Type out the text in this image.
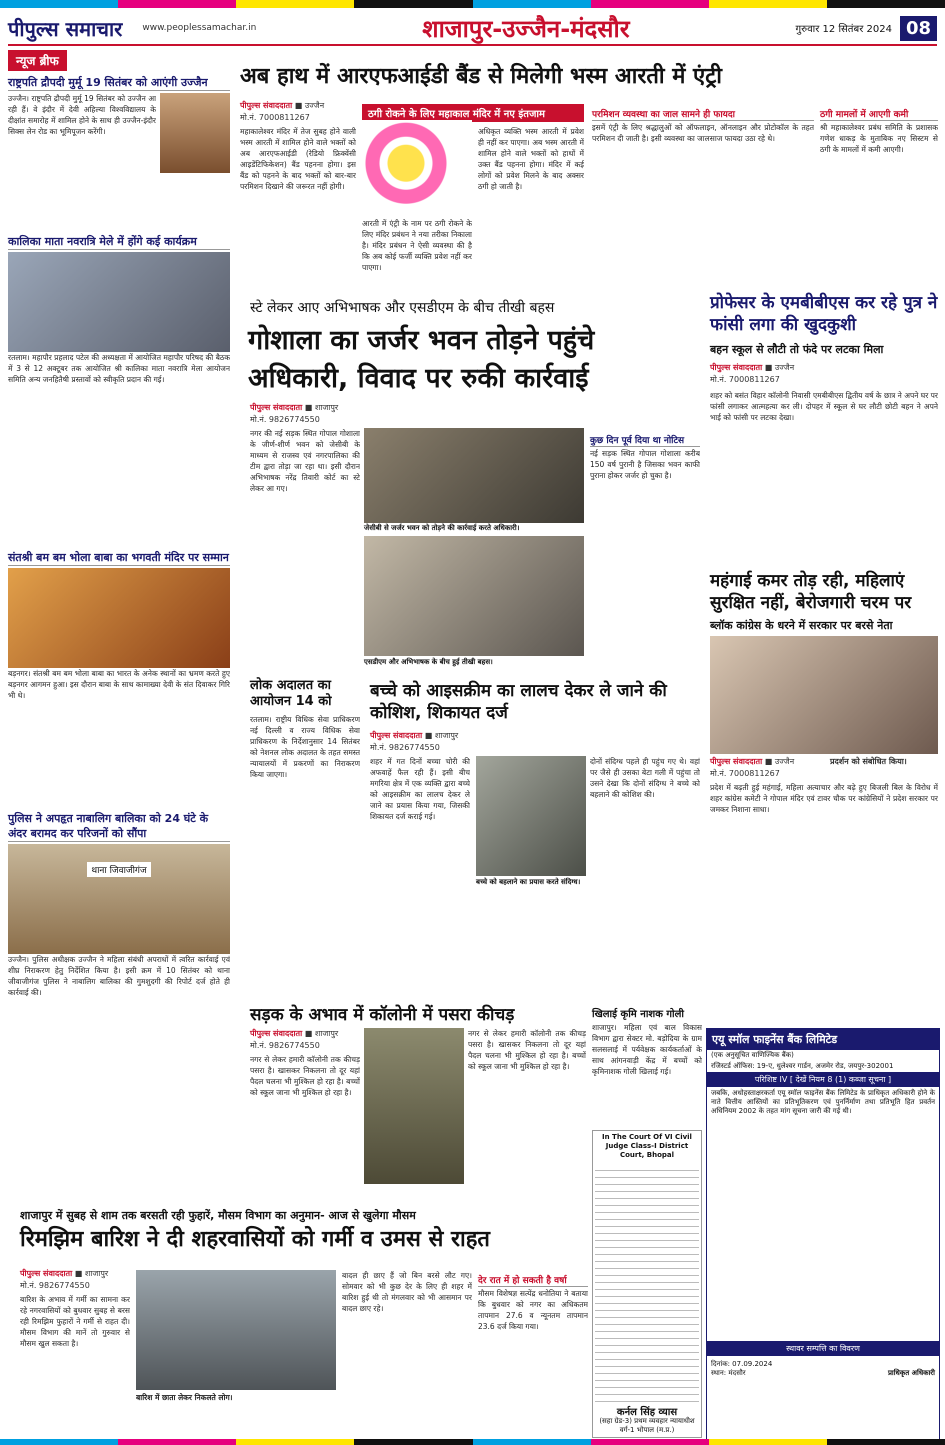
पीपुल्स समाचार www.peoplessamachar.in	शाजापुर-उज्जैन-मंदसौर	गुरुवार 12 सितंबर 2024 08
न्यूज ब्रीफ
राष्ट्रपति द्रौपदी मुर्मू 19 सितंबर को आएंगी उज्जैन

उज्जैन। राष्ट्रपति द्रौपदी मुर्मू 19 सितंबर को उज्जैन आ रही हैं। वे इंदौर में देवी अहिल्या विश्वविद्यालय के दीक्षांत समारोह में शामिल होने के साथ ही उज्जैन-इंदौर सिक्स लेन रोड का भूमिपूजन करेंगी।

कालिका माता नवरात्रि मेले में होंगे कई कार्यक्रम

रतलाम। महापौर प्रहलाद पटेल की अध्यक्षता में आयोजित महापौर परिषद की बैठक में 3 से 12 अक्टूबर तक आयोजित श्री कालिका माता नवरात्रि मेला आयोजन समिति अन्य जनहितैषी प्रस्तावों को स्वीकृति प्रदान की गई।

संतश्री बम बम भोला बाबा का भगवती मंदिर पर सम्मान

बड़नगर। संतश्री बम बम भोला बाबा का भारत के अनेक स्थानों का भ्रमण करते हुए बड़नगर आगमन हुआ। इस दौरान बाबा के साथ कामाख्या देवी के संत दिवाकर गिरि भी थे।

पुलिस ने अपहृत नाबालिग बालिका को 24 घंटे के अंदर बरामद कर परिजनों को सौंपा
थाना जिवाजीगंज

उज्जैन। पुलिस अधीक्षक उज्जैन ने महिला संबंधी अपराधों में त्वरित कार्रवाई एवं शीघ्र निराकरण हेतु निर्देशित किया है। इसी क्रम में 10 सितंबर को थाना जीवाजीगंज पुलिस ने नाबालिग बालिका की गुमशुदगी की रिपोर्ट दर्ज होते ही कार्रवाई की।

अब हाथ में आरएफआईडी बैंड से मिलेगी भस्म आरती में एंट्री
पीपुल्स संवाददाता ■ उज्जैन
मो.नं. 7000811267
महाकालेश्वर मंदिर में तेज सुबह होने वाली भस्म आरती में शामिल होने वाले भक्तों को अब आरएफआईडी (रेडियो फ्रिक्वेंसी आइडेंटिफिकेशन) बैंड पहनना होगा। इस बैंड को पहनने के बाद भक्तों को बार-बार परमिशन दिखाने की जरूरत नहीं होगी।
ठगी रोकने के लिए महाकाल मंदिर में नए इंतजाम
आरती में एंट्री के नाम पर ठगी रोकने के लिए मंदिर प्रबंधन ने नया तरीका निकाला है। मंदिर प्रबंधन ने ऐसी व्यवस्था की है कि अब कोई फर्जी व्यक्ति प्रवेश नहीं कर पाएगा।
अधिकृत व्यक्ति भस्म आरती में प्रवेश ही नहीं कर पाएगा। अब भस्म आरती में शामिल होने वाले भक्तों को हाथों में उक्त बैंड पहनना होगा। मंदिर में कई लोगों को प्रवेश मिलने के बाद अक्सर ठगी हो जाती है।
परमिशन व्यवस्था का जाल सामने ही फायदा
इसमें एंट्री के लिए श्रद्धालुओं को ऑफलाइन, ऑनलाइन और प्रोटोकॉल के तहत परमिशन दी जाती है। इसी व्यवस्था का जालसाज फायदा उठा रहे थे।
ठगी मामलों में आएगी कमी
श्री महाकालेश्वर प्रबंध समिति के प्रशासक गणेश धाकड़ के मुताबिक नए सिस्टम से ठगी के मामलों में कमी आएगी।
स्टे लेकर आए अभिभाषक और एसडीएम के बीच तीखी बहस
गोशाला का जर्जर भवन तोड़ने पहुंचे अधिकारी, विवाद पर रुकी कार्रवाई
पीपुल्स संवाददाता ■ शाजापुर
मो.नं. 9826774550
नगर की नई सड़क स्थित गोपाल गोशाला के जीर्ण-शीर्ण भवन को जेसीबी के माध्यम से राजस्व एवं नगरपालिका की टीम द्वारा तोड़ा जा रहा था। इसी दौरान अभिभाषक नरेंद्र तिवारी कोर्ट का स्टे लेकर आ गए।
जेसीबी से जर्जर भवन को तोड़ने की कार्रवाई करते अधिकारी।
एसडीएम और अभिभाषक के बीच हुई तीखी बहस।
कुछ दिन पूर्व दिया था नोटिस
नई सड़क स्थित गोपाल गोशाला करीब 150 वर्ष पुरानी है जिसका भवन काफी पुराना होकर जर्जर हो चुका है।
प्रोफेसर के एमबीबीएस कर रहे पुत्र ने फांसी लगा की खुदकुशी
बहन स्कूल से लौटी तो फंदे पर लटका मिला
पीपुल्स संवाददाता ■ उज्जैन
मो.नं. 7000811267
शहर को बसंत विहार कॉलोनी निवासी एमबीबीएस द्वितीय वर्ष के छात्र ने अपने घर पर फांसी लगाकर आत्महत्या कर ली। दोपहर में स्कूल से घर लौटी छोटी बहन ने अपने भाई को फांसी पर लटका देखा।
महंगाई कमर तोड़ रही, महिलाएं सुरक्षित नहीं, बेरोजगारी चरम पर
ब्लॉक कांग्रेस के धरने में सरकार पर बरसे नेता
पीपुल्स संवाददाता ■ उज्जैन
मो.नं. 7000811267
प्रदर्शन को संबोधित किया।
प्रदेश में बढ़ती हुई महंगाई, महिला अत्याचार और बढ़े हुए बिजली बिल के विरोध में शहर कांग्रेस कमेटी ने गोपाल मंदिर एवं टावर चौक पर कांग्रेसियों ने प्रदेश सरकार पर जमकर निशाना साधा।
लोक अदालत का आयोजन 14 को
रतलाम। राष्ट्रीय विधिक सेवा प्राधिकरण नई दिल्ली व राज्य विधिक सेवा प्राधिकरण के निर्देशानुसार 14 सितंबर को नेशनल लोक अदालत के तहत समस्त न्यायालयों में प्रकरणों का निराकरण किया जाएगा।
बच्चे को आइसक्रीम का लालच देकर ले जाने की कोशिश, शिकायत दर्ज
पीपुल्स संवाददाता ■ शाजापुर
मो.नं. 9826774550
शहर में गत दिनों बच्चा चोरी की अफवाहें फैल रही हैं। इसी बीच मगरिया क्षेत्र में एक व्यक्ति द्वारा बच्चे को आइसक्रीम का लालच देकर ले जाने का प्रयास किया गया, जिसकी शिकायत दर्ज कराई गई।
बच्चे को बहलाने का प्रयास करते संदिग्ध।
दोनों संदिग्ध पहले ही पहुंच गए थे। वहां पर जैसे ही उसका बेटा गली में पहुंचा तो उसने देखा कि दोनों संदिग्ध ने बच्चे को बहलाने की कोशिश की।
सड़क के अभाव में कॉलोनी में पसरा कीचड़
पीपुल्स संवाददाता ■ शाजापुर
मो.नं. 9826774550
नगर से लेकर हमारी कॉलोनी तक कीचड़ पसरा है। खासकर निकलना तो दूर यहां पैदल चलना भी मुश्किल हो रहा है। बच्चों को स्कूल जाना भी मुश्किल हो रहा है।
नगर से लेकर हमारी कॉलोनी तक कीचड़ पसरा है। खासकर निकलना तो दूर यहां पैदल चलना भी मुश्किल हो रहा है। बच्चों को स्कूल जाना भी मुश्किल हो रहा है।
खिलाई कृमि नाशक गोली
शाजापुर। महिला एवं बाल विकास विभाग द्वारा सेक्टर मो. बड़ोदिया के ग्राम सलसलाई में पर्यवेक्षक कार्यकर्ताओं के साथ आंगनवाड़ी केंद्र में बच्चों को कृमिनाशक गोली खिलाई गई।
In The Court Of VI Civil Judge Class-I District Court, Bhopal
कर्नल सिंह व्यास
(सहा ग्रेड-3) प्रथम व्यवहार न्यायाधीश वर्ग-1 भोपाल (म.प्र.)
शाजापुर में सुबह से शाम तक बरसती रही फुहारें, मौसम विभाग का अनुमान- आज से खुलेगा मौसम
रिमझिम बारिश ने दी शहरवासियों को गर्मी व उमस से राहत
पीपुल्स संवाददाता ■ शाजापुर
मो.नं. 9826774550
बारिश के अभाव में गर्मी का सामना कर रहे नगरवासियों को बुधवार सुबह से बरस रही रिमझिम फुहारों ने गर्मी से राहत दी। मौसम विभाग की मानें तो गुरुवार से मौसम खुल सकता है।
बारिश में छाता लेकर निकलते लोग।
बादल ही छाए हैं जो बिन बरसे लौट गए। सोमवार को भी कुछ देर के लिए ही शहर में बारिश हुई थी तो मंगलवार को भी आसमान पर बादल छाए रहे।
देर रात में हो सकती है वर्षा
मौसम विशेषज्ञ सत्येंद्र धनोतिया ने बताया कि बुधवार को नगर का अधिकतम तापमान 27.6 व न्यूनतम तापमान 23.6 दर्ज किया गया।
एयू स्मॉल फाइनेंस बैंक लिमिटेड
(एक अनुसूचित वाणिज्यिक बैंक)
रजिस्टर्ड ऑफिस: 19-ए, धुलेश्वर गार्डन, अजमेर रोड, जयपुर-302001
परिशिष्ट IV [ देखें नियम 8 (1) कब्जा सूचना ]
जबकि, अधोहस्ताक्षरकर्ता एयू स्मॉल फाइनेंस बैंक लिमिटेड के प्राधिकृत अधिकारी होने के नाते वित्तीय आस्तियों का प्रतिभूतिकरण एवं पुनर्निर्माण तथा प्रतिभूति हित प्रवर्तन अधिनियम 2002 के तहत मांग सूचना जारी की गई थी।
स्थावर सम्पत्ति का विवरण
दिनांक: 07.09.2024
स्थान: मंदसौर	प्राधिकृत अधिकारी
